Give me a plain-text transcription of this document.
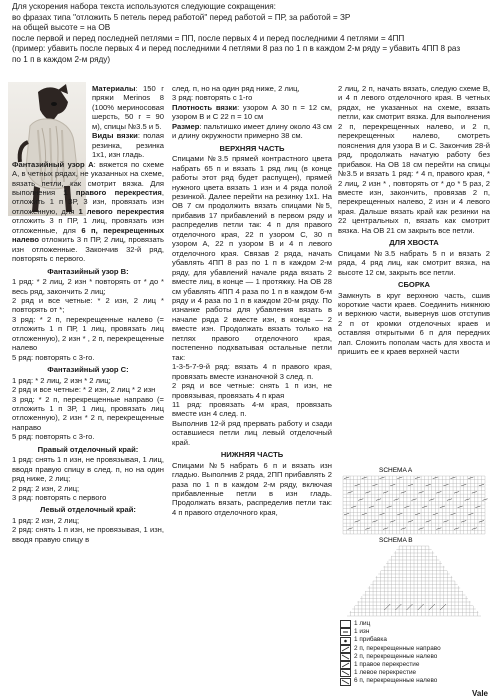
Для ускорения набора текста используются следующие сокращения:
во фразах типа "отложить 5 петель перед работой" перед работой = ПР, за работой = ЗР
на общей высоте = на ОВ
после первой и перед последней петлями = ПП, после первых 4 и перед последними 4 петлями = 4ПП
(пример: убавить после первых 4 и перед последними 4 петлями 8 раз по 1 п в каждом 2-м ряду = убавить 4ПП 8 раз
по 1 п в каждом 2-м ряду)

Материалы: 150 г пряжи Merinos 8 (100% мериносовая шерсть, 50 г = 90 м), спицы №3.5 и 5.

Виды вязки: полая резинка, резинка 1x1, изн гладь.

Фантазийный узор А: вяжется по схеме А, в четных рядах, не указанных на схеме, вязать петли, как смотрит вязка. Для выполнения 1 правого перекрестия, отложить 1 п ЗР, 3 изн, провязать изн отложенную, для 1 левого перекрестия отложить 3 п ПР, 1 лиц, провязать изн отложенные, для 6 п, перекрещенных налево отложить 3 п ПР, 2 лиц, провязать изн отложенные. Закончив 32-й ряд, повторять с первого.

Фантазийный узор В:

1 ряд: * 2 лиц, 2 изн * повторять от * до * весь ряд, закончить 2 лиц;

2 ряд и все четные: * 2 изн, 2 лиц * повторять от *;

3 ряд: * 2 п, перекрещенные налево (= отложить 1 п ПР, 1 лиц, провязать лиц отложенную), 2 изн * , 2 п, перекрещенные налево

5 ряд: повторять с 3-го.

Фантазийный узор С:

1 ряд: * 2 лиц, 2 изн * 2 лиц;

2 ряд и все четные: * 2 изн, 2 лиц * 2 изн

3 ряд: * 2 п, перекрещенные направо (= отложить 1 п ЗР, 1 лиц, провязать лиц отложенную), 2 изн * 2 п, перекрещенные направо

5 ряд: повторять с 3-го.

Правый отделочный край:

1 ряд: снять 1 п изн, не провязывая, 1 лиц, вводя правую спицу в след. п, но на один ряд ниже, 2 лиц;

2 ряд: 2 изн, 2 лиц;

3 ряд: повторять с первого

Левый отделочный край:

1 ряд: 2 изн, 2 лиц;

2 ряд: снять 1 п изн, не провязывая, 1 изн, вводя правую спицу в

след. п, но на один ряд ниже, 2 лиц,

3 ряд: повторять с 1-го

Плотность вязки: узором А 30 п = 12 см, узором В и С 22 п = 10 см

Размер: пальтишко имеет длину около 43 см и длину окружности примерно 38 см.

ВЕРХНЯЯ ЧАСТЬ

Спицами №3.5 прямей контрастного цвета набрать 65 п и вязать 1 ряд лиц (в конце работы этот ряд будет распущен), прямей нужного цвета вязать 1 изн и 4 ряда полой резинкой. Далее перейти на резинку 1x1. На ОВ 7 см продолжить вязать спицами №5, прибавив 17 прибавлений в первом ряду и распределив петли так: 4 п для правого отделочного края, 22 п узором С, 30 п узором А, 22 п узором В и 4 п левого отделочного края. Связав 2 ряда, начать убавлять 4ПП 8 раз по 1 п в каждом 2-м ряду, для убавлений начале ряда вязать 2 вместе лиц, в конце — 1 протяжку. На ОВ 28 см убавлять 4ПП 4 раза по 1 п в каждом 6-м ряду и 4 раза по 1 п в каждом 20-м ряду. По изнанке работы для убавления вязать в начале ряда 2 вместе изн, в конце — 2 вместе изн. Продолжать вязать только на петлях правого отделочного края, постепенно подхватывая остальные петли так:

1-3-5-7-9-й ряд: вязать 4 п правого края, провязать вместе изнаночной 3 след. п.

2 ряд и все четные: снять 1 п изн, не провязывая, провязать 4 п края

11 ряд: провязать 4-м края, провязать вместе изн 4 след. п.

Выполнив 12-й ряд прервать работу и сзади оставшиеся петли лиц левый отделочный край.

НИЖНЯЯ ЧАСТЬ

Спицами №5 набрать 6 п и вязать изн гладью. Выполнив 2 ряда, 2ПП прибавлять 2 раза по 1 п в каждом 2-м ряду, включая прибавленные петли в изн гладь. Продолжать вязать, распределив петли так: 4 п правого отделочного края,

2 лиц, 2 п, начать вязать, следую схеме В, и 4 п левого отделочного края. В четных рядах, не указанных на схеме, вязать петли, как смотрит вязка. Для выполнения 2 п, перекрещенных налево, и 2 п, перекрещенных налево, смотреть пояснения для узора В и С. Закончив 28-й ряд, продолжать начатую работу без прибавок. На ОВ 18 см перейти на спицы №3.5 и вязать 1 ряд: * 4 п, правого края, * 2 лиц, 2 изн * , повторять от * до * 5 раз, 2 вместе изн, закончить, провязав 2 п, перекрещенных налево, 2 изн и 4 левого края. Дальше вязать край как резинки на 22 центральных п, вязать как смотрит вязка. На ОВ 21 см закрыть все петли.

ДЛЯ ХВОСТА

Спицами №3.5 набрать 5 п и вязать 2 ряда, 4 ряд лиц, как смотрит вязка, на высоте 12 см, закрыть все петли.

СБОРКА

Замкнуть в круг верхнюю часть, сшив короткие части краев. Соединить нижнюю и верхнюю части, вывернув шов отступив 2 п от кромки отделочных краев и оставляя открытыми 6 п для передних лап. Сложить пополам часть для хвоста и пришить ее к краев верхней части

SCHEMA A
SCHEMA B
1 лиц
1 изн
1 прибавка
2 п, перекрещенные направо
2 п, перекрещенные налево
1 правое перекрестие
1 левое перекрестие
6 п, перекрещенные налево
Vale
